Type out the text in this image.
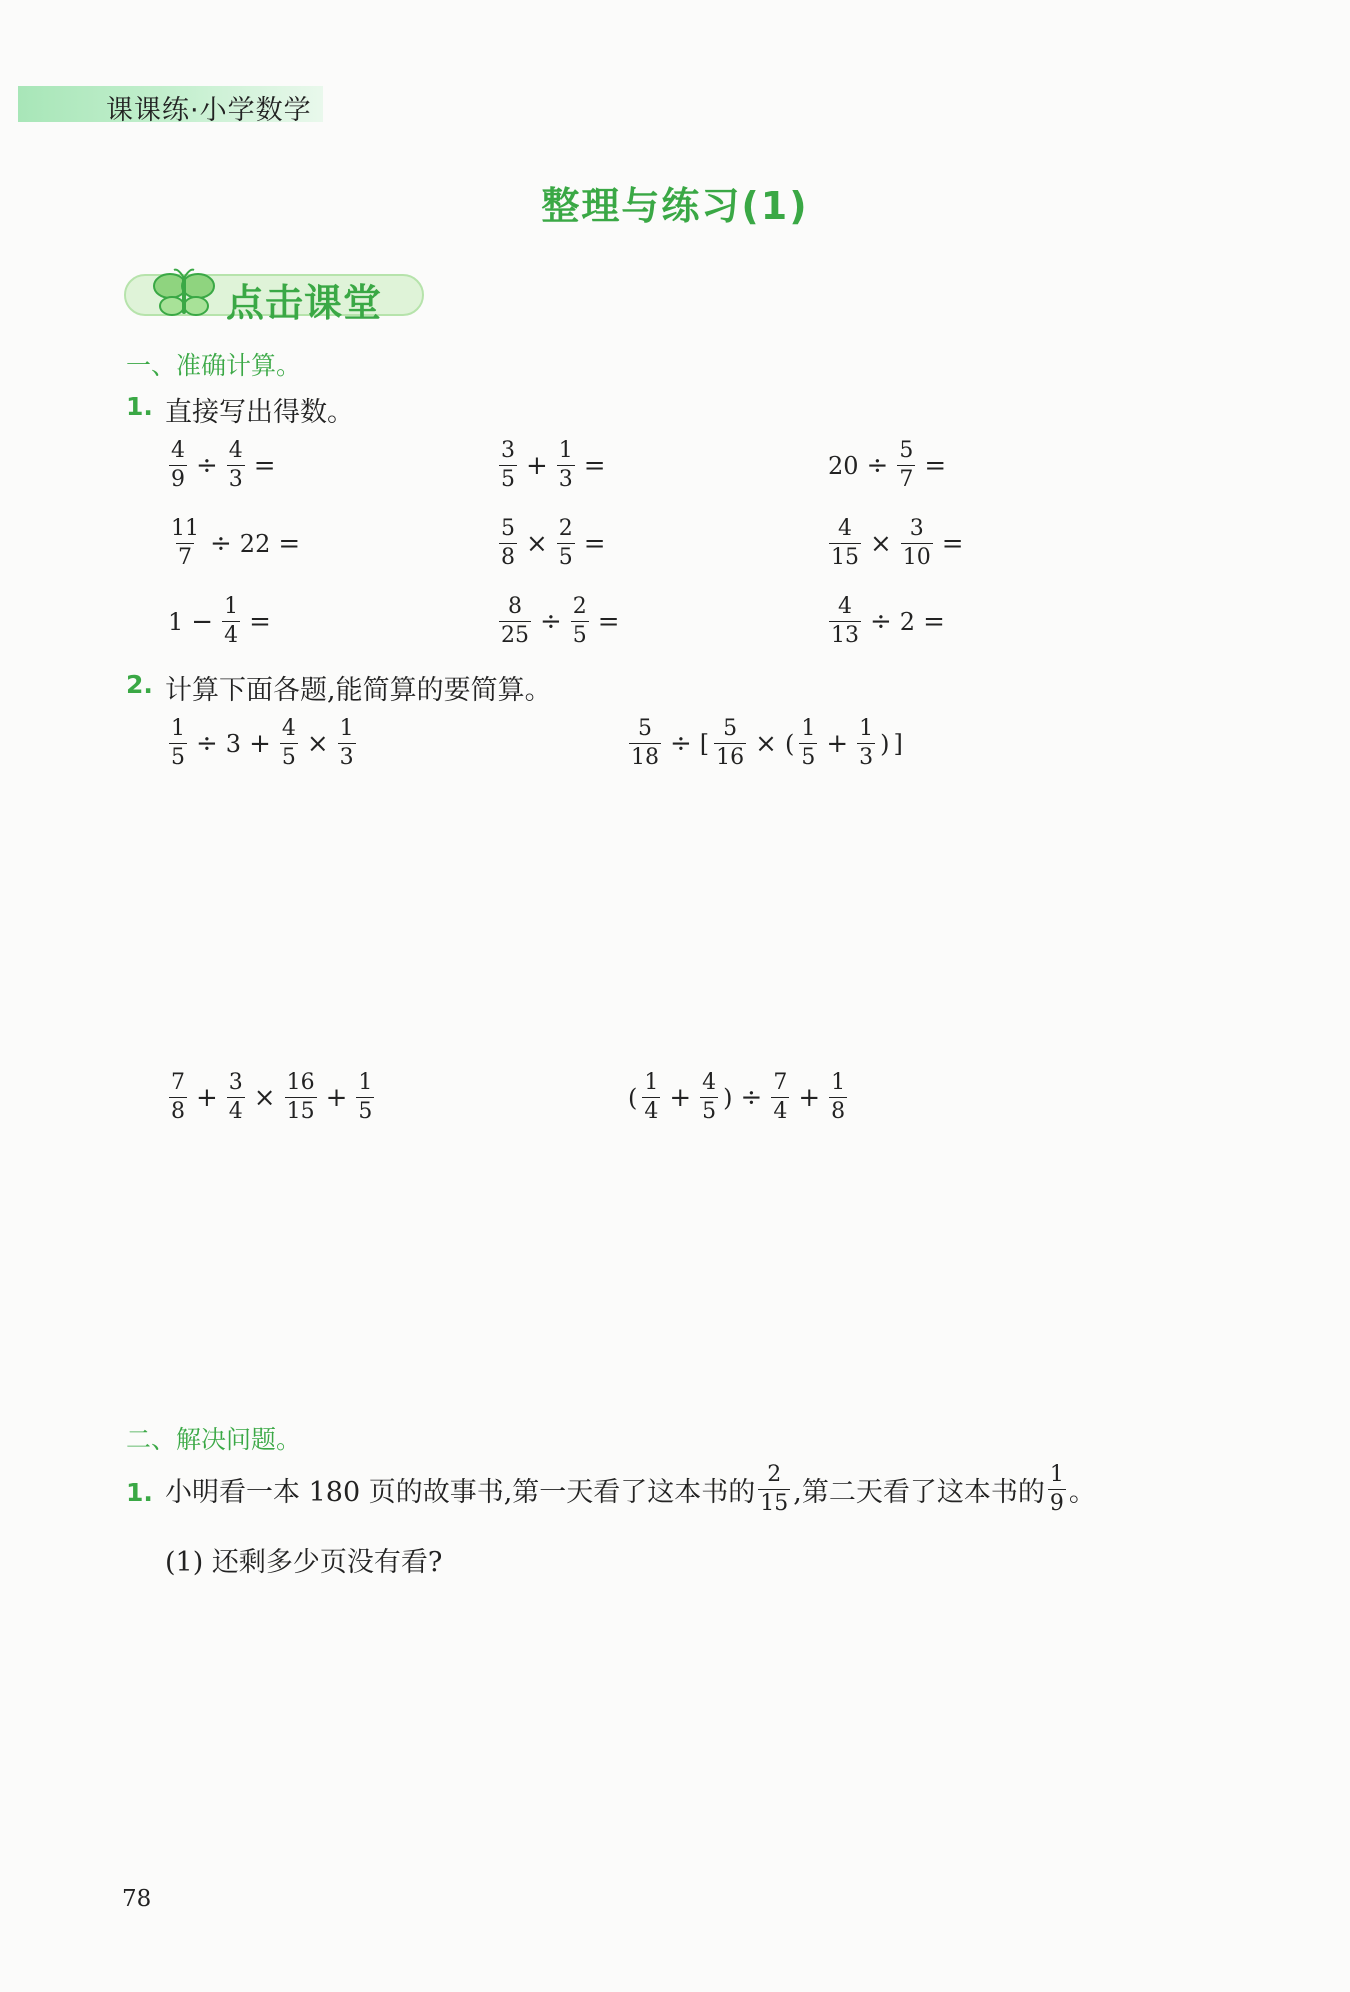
课课练·小学数学
整理与练习(1)
点击课堂
一、准确计算。
1. 直接写出得数。
$\frac{4}{9} \div \frac{4}{3}$ =	$\frac{3}{5} + \frac{1}{3}$ =	$20 \div \frac{5}{7}$ =
$\frac{11}{7} \div 22$ =	$\frac{5}{8} \times \frac{2}{5}$ =	$\frac{4}{15} \times \frac{3}{10}$ =
$1 - \frac{1}{4}$ =	$\frac{8}{25} \div \frac{2}{5}$ =	$\frac{4}{13} \div 2$ =
2. 计算下面各题,能简算的要简算。
$\frac{1}{5} \div 3 + \frac{4}{5} \times \frac{1}{3}$	$\frac{5}{18}$ ÷ [ $\frac{5}{16}$ × ( $\frac{1}{5} + \frac{1}{3}$ ) ]
$\frac{7}{8} + \frac{3}{4} \times \frac{16}{15} + \frac{1}{5}$	( $\frac{1}{4} + \frac{4}{5}$ ) ÷ $\frac{7}{4} + \frac{1}{8}$
二、解决问题。
1. 小明看一本 180 页的故事书,第一天看了这本书的 $\frac{2}{15}$ ,第二天看了这本书的 $\frac{1}{9}$ 。
(1) 还剩多少页没有看?
78
